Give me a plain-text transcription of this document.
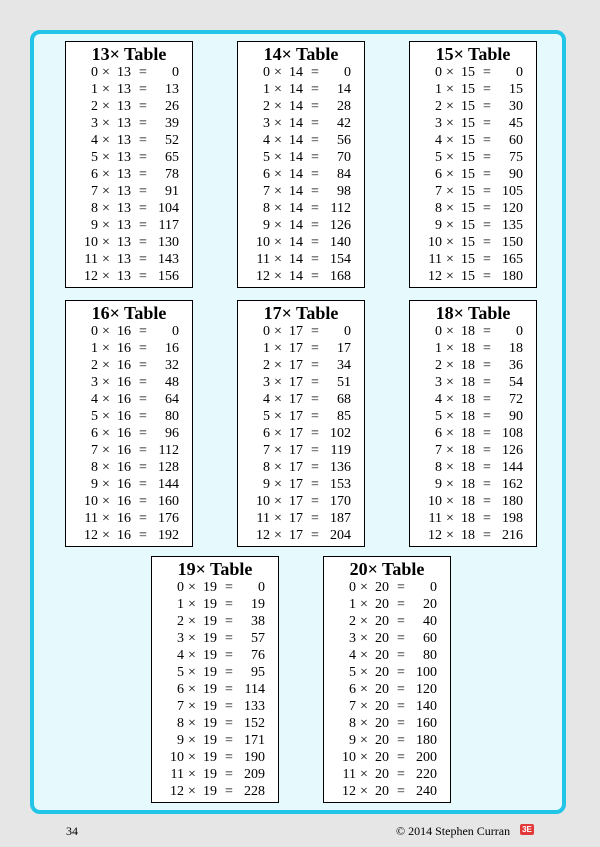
13× Table
0 × 13 =	0
1 × 13 =	13
2 × 13 =	26
3 × 13 =	39
4 × 13 =	52
5 × 13 =	65
6 × 13 =	78
7 × 13 =	91
8 × 13 = 104
9 × 13 = 117
10 × 13 = 130
11 × 13 = 143
12 × 13 = 156
14× Table
0 × 14 =	0
1 × 14 =	14
2 × 14 =	28
3 × 14 =	42
4 × 14 =	56
5 × 14 =	70
6 × 14 =	84
7 × 14 =	98
8 × 14 = 112
9 × 14 = 126
10 × 14 = 140
11 × 14 = 154
12 × 14 = 168
15× Table
0 × 15 =	0
1 × 15 =	15
2 × 15 =	30
3 × 15 =	45
4 × 15 =	60
5 × 15 =	75
6 × 15 =	90
7 × 15 = 105
8 × 15 = 120
9 × 15 = 135
10 × 15 = 150
11 × 15 = 165
12 × 15 = 180
16× Table
0 × 16 =	0
1 × 16 =	16
2 × 16 =	32
3 × 16 =	48
4 × 16 =	64
5 × 16 =	80
6 × 16 =	96
7 × 16 = 112
8 × 16 = 128
9 × 16 = 144
10 × 16 = 160
11 × 16 = 176
12 × 16 = 192
17× Table
0 × 17 =	0
1 × 17 =	17
2 × 17 =	34
3 × 17 =	51
4 × 17 =	68
5 × 17 =	85
6 × 17 = 102
7 × 17 = 119
8 × 17 = 136
9 × 17 = 153
10 × 17 = 170
11 × 17 = 187
12 × 17 = 204
18× Table
0 × 18 =	0
1 × 18 =	18
2 × 18 =	36
3 × 18 =	54
4 × 18 =	72
5 × 18 =	90
6 × 18 = 108
7 × 18 = 126
8 × 18 = 144
9 × 18 = 162
10 × 18 = 180
11 × 18 = 198
12 × 18 = 216
19× Table
0 × 19 =	0
1 × 19 =	19
2 × 19 =	38
3 × 19 =	57
4 × 19 =	76
5 × 19 =	95
6 × 19 = 114
7 × 19 = 133
8 × 19 = 152
9 × 19 = 171
10 × 19 = 190
11 × 19 = 209
12 × 19 = 228
20× Table
0 × 20 =	0
1 × 20 =	20
2 × 20 =	40
3 × 20 =	60
4 × 20 =	80
5 × 20 = 100
6 × 20 = 120
7 × 20 = 140
8 × 20 = 160
9 × 20 = 180
10 × 20 = 200
11 × 20 = 220
12 × 20 = 240
34	© 2014 Stephen Curran 3E
